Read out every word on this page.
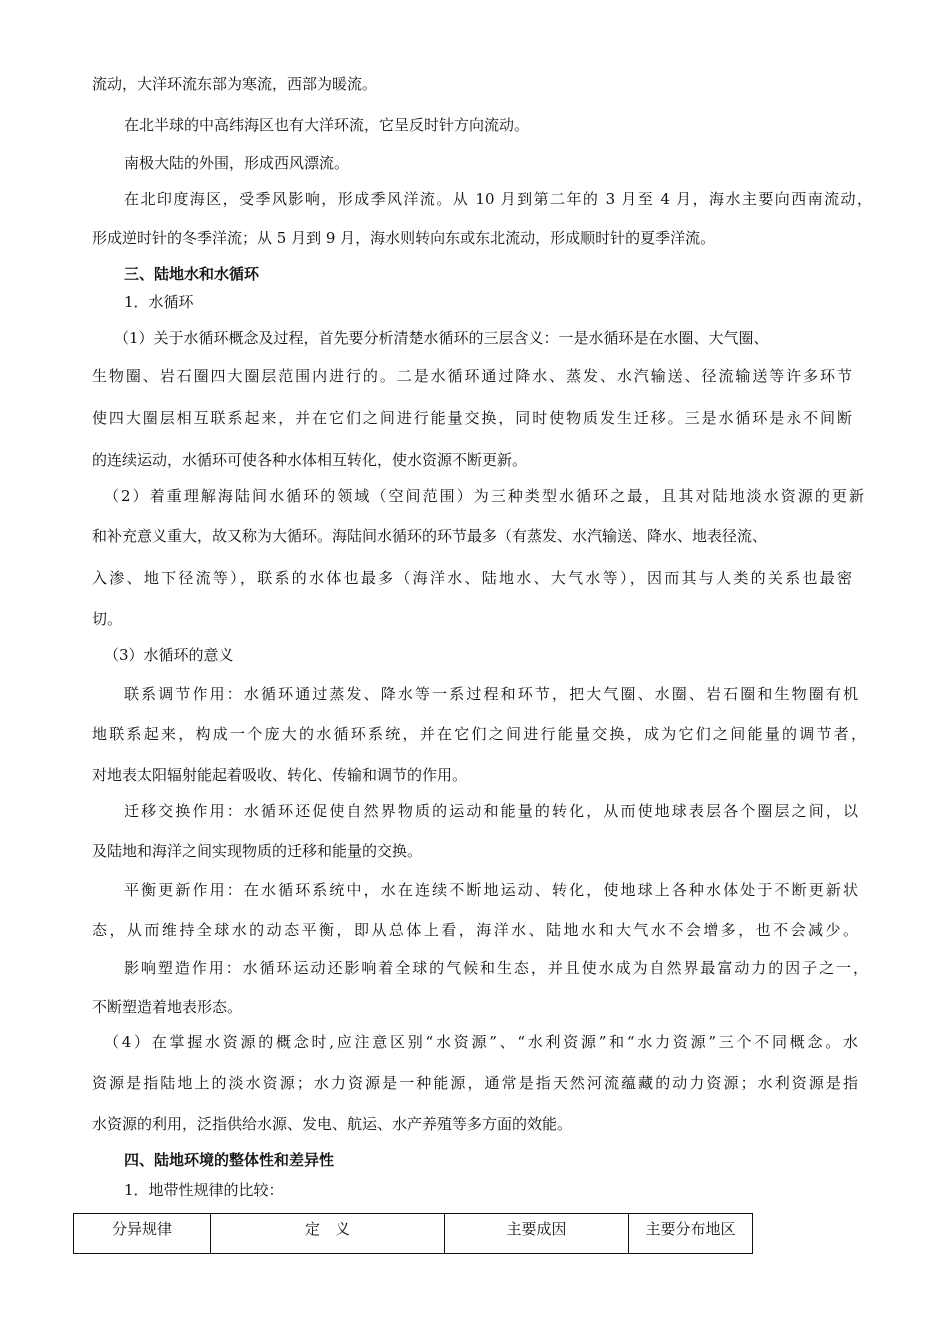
流动，大洋环流东部为寒流，西部为暖流。
在北半球的中高纬海区也有大洋环流，它呈反时针方向流动。
南极大陆的外围，形成西风漂流。
在北印度海区，受季风影响，形成季风洋流。从 10 月到第二年的 3 月至 4 月，海水主要向西南流动，
形成逆时针的冬季洋流；从 5 月到 9 月，海水则转向东或东北流动，形成顺时针的夏季洋流。
三、陆地水和水循环
1．水循环
（1）关于水循环概念及过程，首先要分析清楚水循环的三层含义：一是水循环是在水圈、大气圈、
生物圈、岩石圈四大圈层范围内进行的。二是水循环通过降水、蒸发、水汽输送、径流输送等许多环节
使四大圈层相互联系起来，并在它们之间进行能量交换，同时使物质发生迁移。三是水循环是永不间断
的连续运动，水循环可使各种水体相互转化，使水资源不断更新。
（2）着重理解海陆间水循环的领域（空间范围）为三种类型水循环之最，且其对陆地淡水资源的更新
和补充意义重大，故又称为大循环。海陆间水循环的环节最多（有蒸发、水汽输送、降水、地表径流、
入渗、地下径流等），联系的水体也最多（海洋水、陆地水、大气水等），因而其与人类的关系也最密
切。
（3）水循环的意义
联系调节作用：水循环通过蒸发、降水等一系过程和环节，把大气圈、水圈、岩石圈和生物圈有机
地联系起来，构成一个庞大的水循环系统，并在它们之间进行能量交换，成为它们之间能量的调节者，
对地表太阳辐射能起着吸收、转化、传输和调节的作用。
迁移交换作用：水循环还促使自然界物质的运动和能量的转化，从而使地球表层各个圈层之间，以
及陆地和海洋之间实现物质的迁移和能量的交换。
平衡更新作用：在水循环系统中，水在连续不断地运动、转化，使地球上各种水体处于不断更新状
态，从而维持全球水的动态平衡，即从总体上看，海洋水、陆地水和大气水不会增多，也不会减少。
影响塑造作用：水循环运动还影响着全球的气候和生态，并且使水成为自然界最富动力的因子之一，
不断塑造着地表形态。
（4）在掌握水资源的概念时,应注意区别“水资源”、“水利资源”和“水力资源”三个不同概念。水
资源是指陆地上的淡水资源；水力资源是一种能源，通常是指天然河流蕴藏的动力资源；水利资源是指
水资源的利用，泛指供给水源、发电、航运、水产养殖等多方面的效能。
四、陆地环境的整体性和差异性
1．地带性规律的比较：
分异规律	定　义	主要成因	主要分布地区
